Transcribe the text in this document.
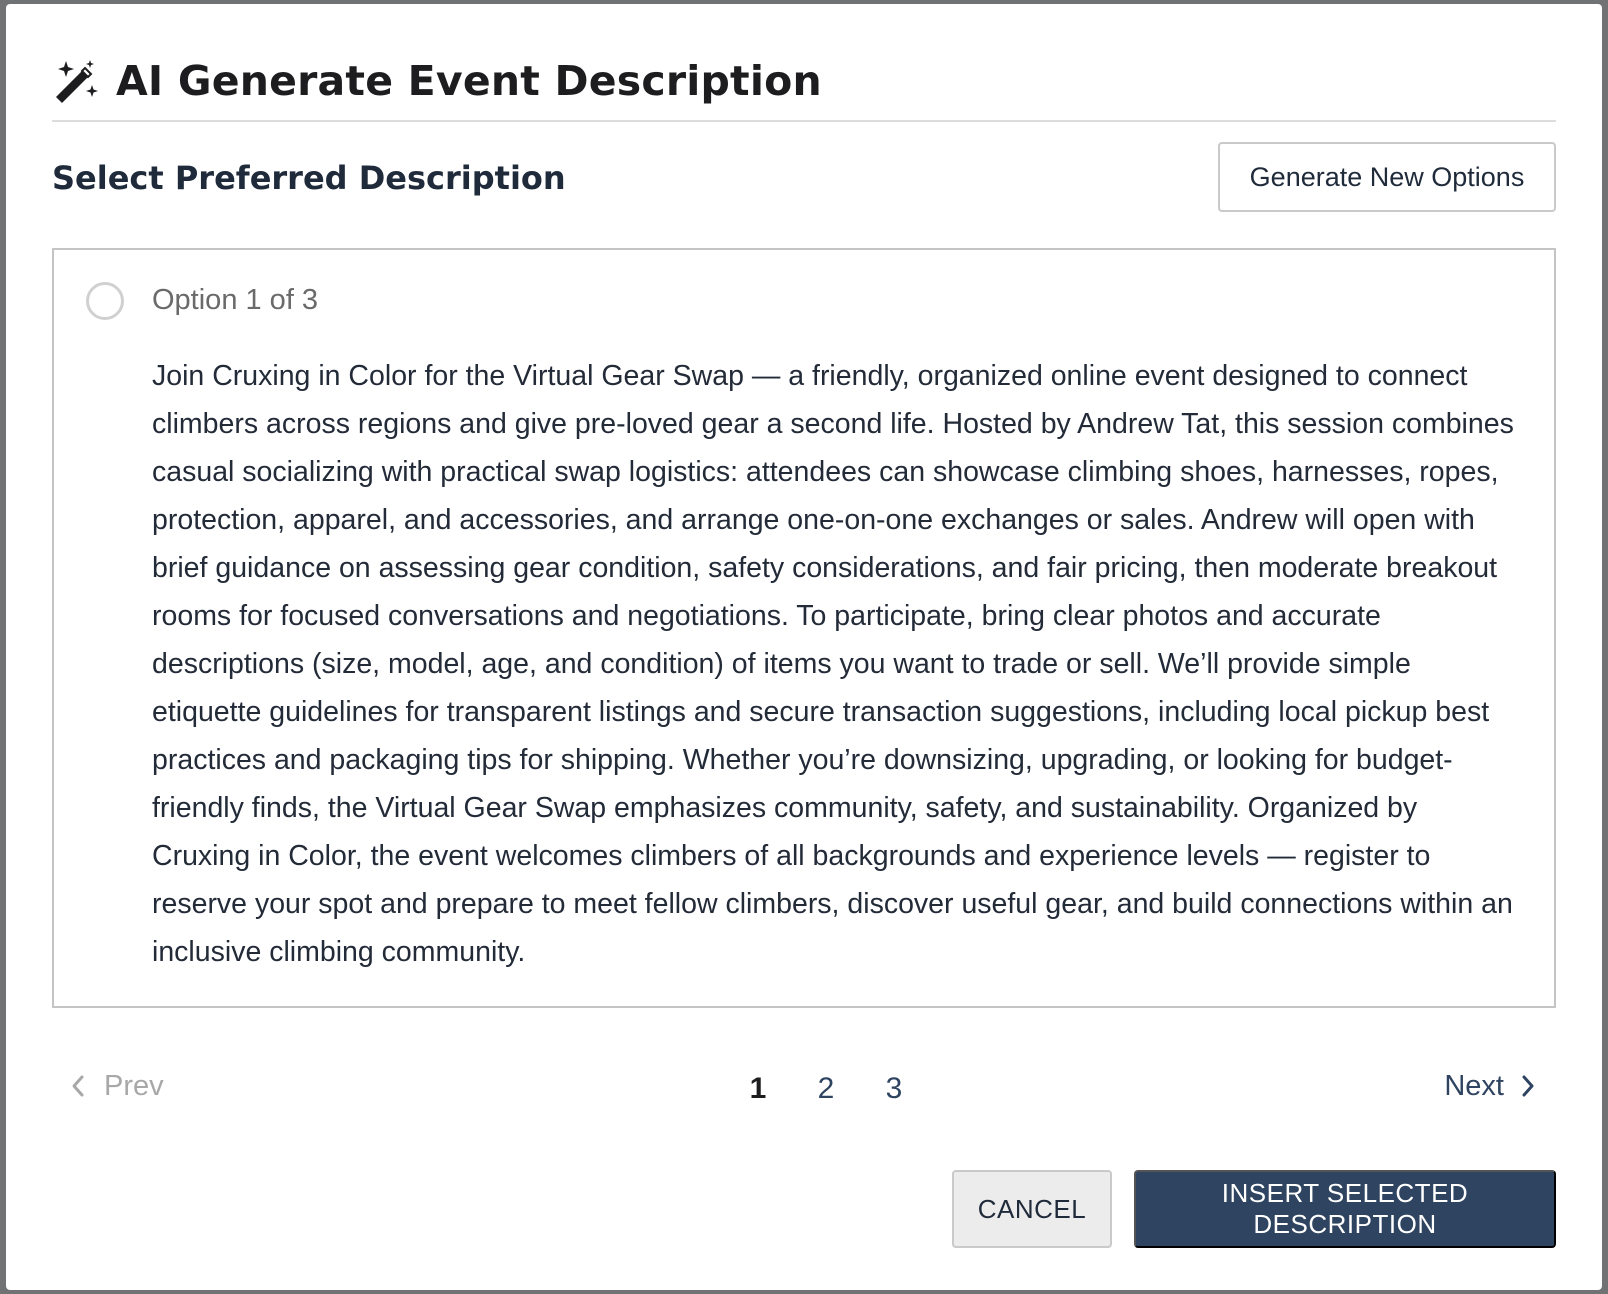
AI Generate Event Description
Select Preferred Description	Generate New Options
Option 1 of 3
Join Cruxing in Color for the Virtual Gear Swap — a friendly, organized online event designed to connect climbers across regions and give pre-loved gear a second life. Hosted by Andrew Tat, this session combines casual socializing with practical swap logistics: attendees can showcase climbing shoes, harnesses, ropes, protection, apparel, and accessories, and arrange one-on-one exchanges or sales. Andrew will open with brief guidance on assessing gear condition, safety considerations, and fair pricing, then moderate breakout rooms for focused conversations and negotiations. To participate, bring clear photos and accurate descriptions (size, model, age, and condition) of items you want to trade or sell. We’ll provide simple etiquette guidelines for transparent listings and secure transaction suggestions, including local pickup best practices and packaging tips for shipping. Whether you’re downsizing, upgrading, or looking for budget-friendly finds, the Virtual Gear Swap emphasizes community, safety, and sustainability. Organized by Cruxing in Color, the event welcomes climbers of all backgrounds and experience levels — register to reserve your spot and prepare to meet fellow climbers, discover useful gear, and build connections within an inclusive climbing community.
Prev	1	2	3	Next
CANCEL
INSERT SELECTED DESCRIPTION
